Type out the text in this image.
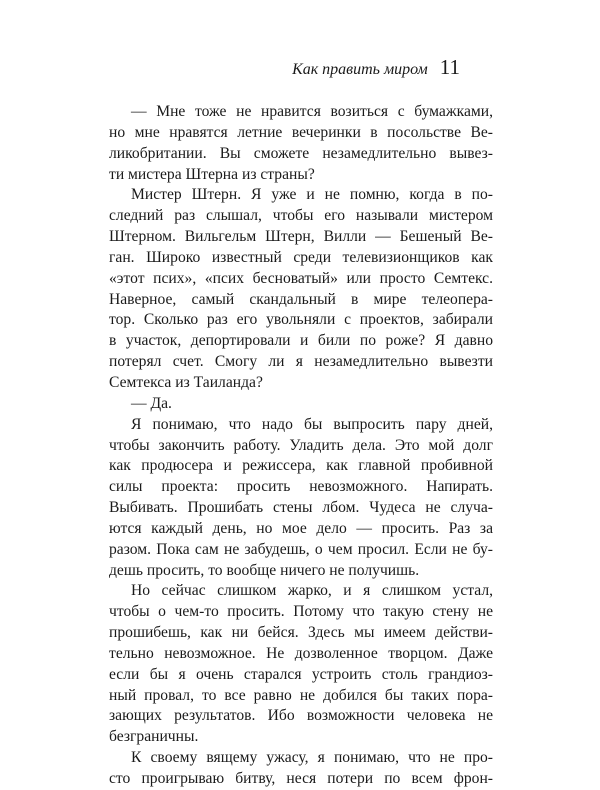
Как править миром 11
— Мне тоже не нравится возиться с бумажками,
но мне нравятся летние вечеринки в посольстве Ве-
ликобритании. Вы сможете незамедлительно вывез-
ти мистера Штерна из страны?
Мистер Штерн. Я уже и не помню, когда в по-
следний раз слышал, чтобы его называли мистером
Штерном. Вильгельм Штерн, Вилли — Бешеный Ве-
ган. Широко известный среди телевизионщиков как
«этот псих», «псих бесноватый» или просто Семтекс.
Наверное, самый скандальный в мире телеопера-
тор. Сколько раз его увольняли с проектов, забирали
в участок, депортировали и били по роже? Я давно
потерял счет. Смогу ли я незамедлительно вывезти
Семтекса из Таиланда?
— Да.
Я понимаю, что надо бы выпросить пару дней,
чтобы закончить работу. Уладить дела. Это мой долг
как продюсера и режиссера, как главной пробивной
силы проекта: просить невозможного. Напирать.
Выбивать. Прошибать стены лбом. Чудеса не случа-
ются каждый день, но мое дело — просить. Раз за
разом. Пока сам не забудешь, о чем просил. Если не бу-
дешь просить, то вообще ничего не получишь.
Но сейчас слишком жарко, и я слишком устал,
чтобы о чем-то просить. Потому что такую стену не
прошибешь, как ни бейся. Здесь мы имеем действи-
тельно невозможное. Не дозволенное творцом. Даже
если бы я очень старался устроить столь грандиоз-
ный провал, то все равно не добился бы таких пора-
зающих результатов. Ибо возможности человека не
безграничны.
К своему вящему ужасу, я понимаю, что не про-
сто проигрываю битву, неся потери по всем фрон-
